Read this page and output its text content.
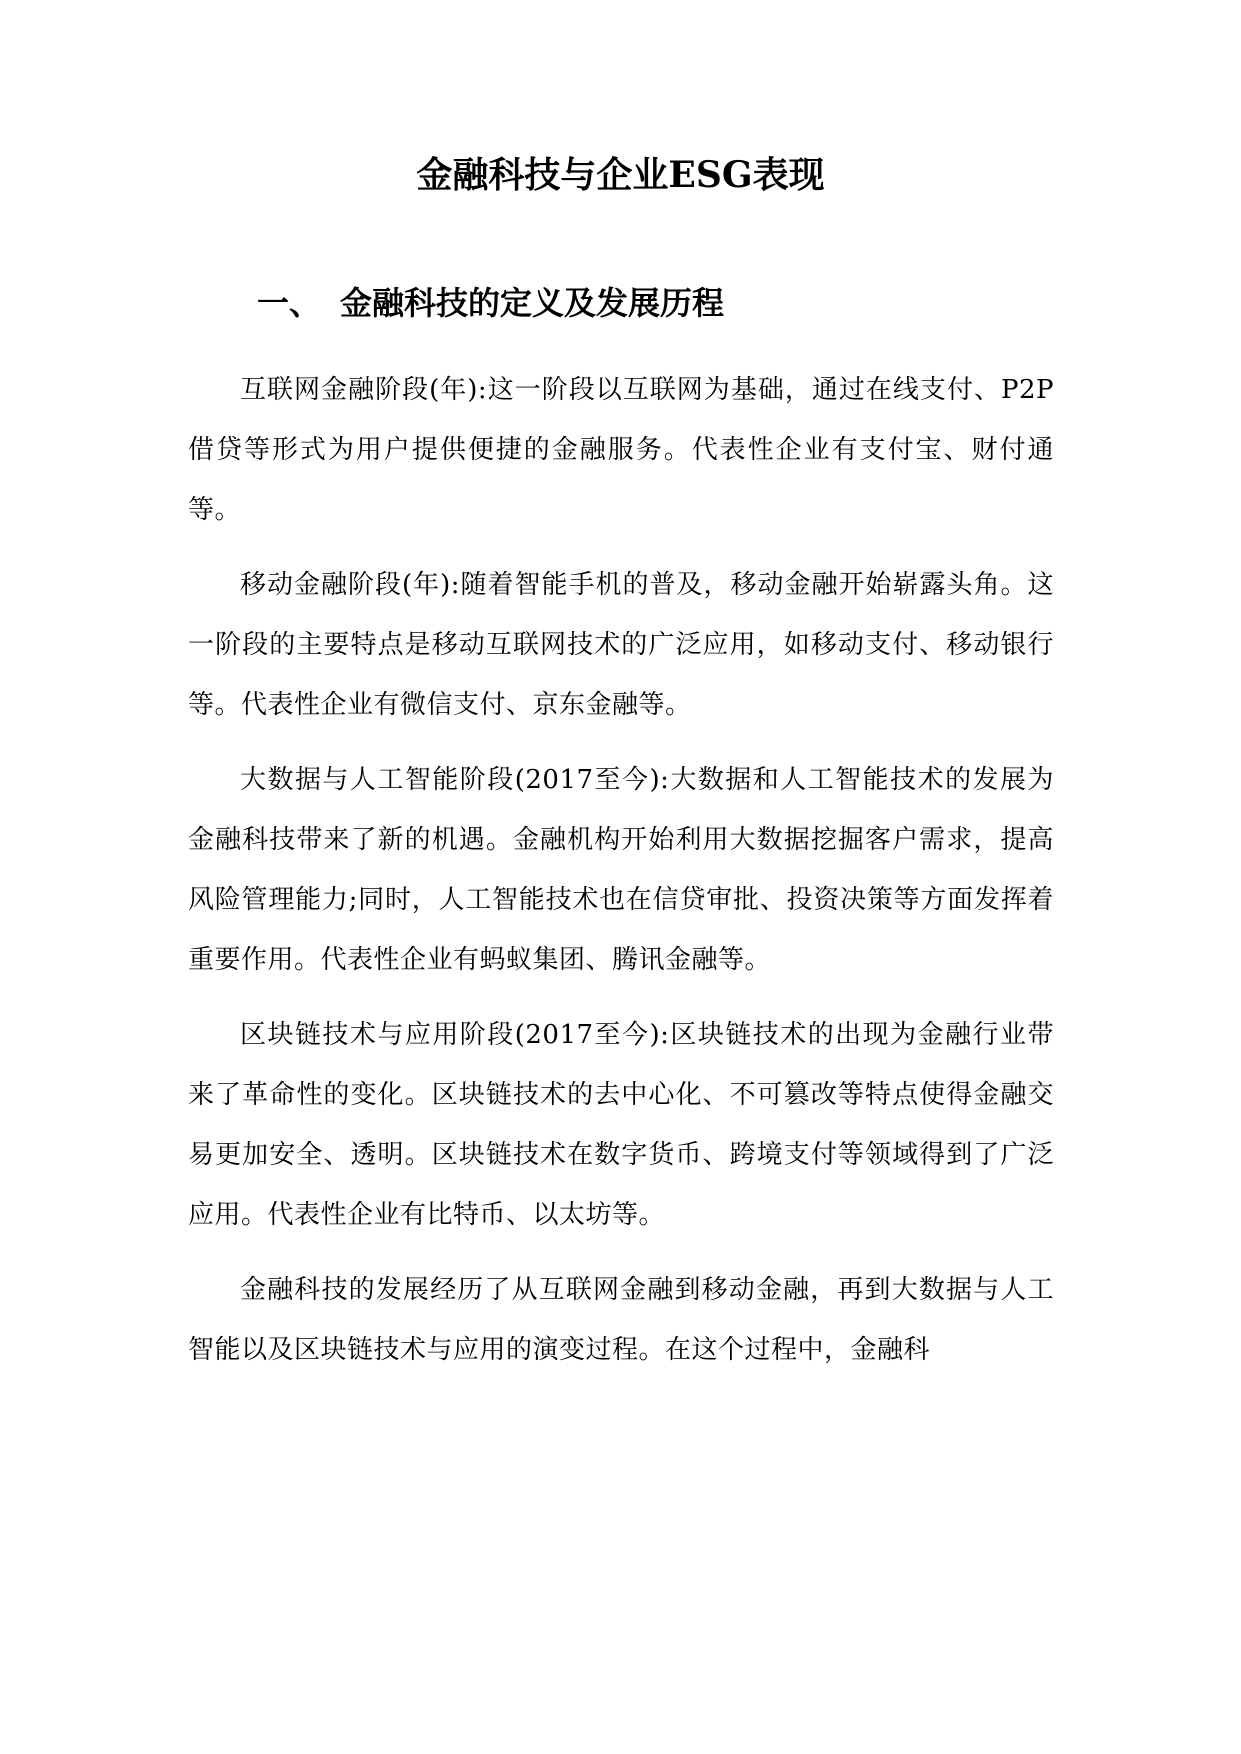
金融科技与企业ESG表现
一、 金融科技的定义及发展历程

互联网金融阶段(年):这一阶段以互联网为基础，通过在线支付、P2P借贷等形式为用户提供便捷的金融服务。代表性企业有支付宝、财付通等。

移动金融阶段(年):随着智能手机的普及，移动金融开始崭露头角。这一阶段的主要特点是移动互联网技术的广泛应用，如移动支付、移动银行等。代表性企业有微信支付、京东金融等。

大数据与人工智能阶段(2017至今):大数据和人工智能技术的发展为金融科技带来了新的机遇。金融机构开始利用大数据挖掘客户需求，提高风险管理能力;同时，人工智能技术也在信贷审批、投资决策等方面发挥着重要作用。代表性企业有蚂蚁集团、腾讯金融等。

区块链技术与应用阶段(2017至今):区块链技术的出现为金融行业带来了革命性的变化。区块链技术的去中心化、不可篡改等特点使得金融交易更加安全、透明。区块链技术在数字货币、跨境支付等领域得到了广泛应用。代表性企业有比特币、以太坊等。

金融科技的发展经历了从互联网金融到移动金融，再到大数据与人工智能以及区块链技术与应用的演变过程。在这个过程中，金融科
